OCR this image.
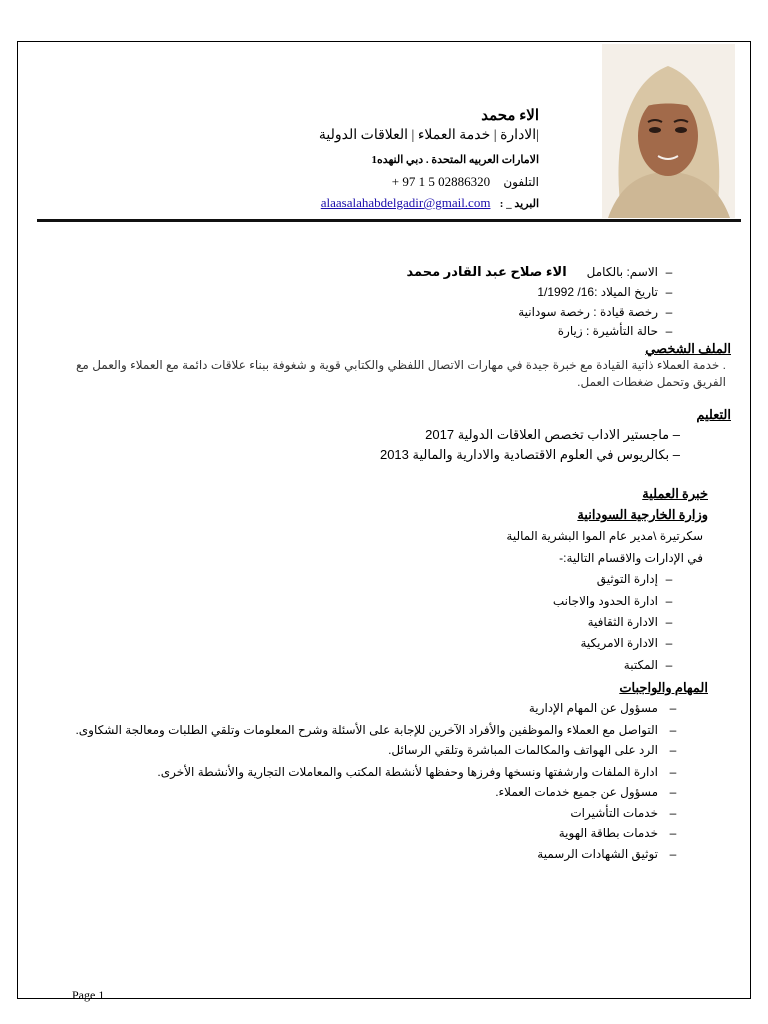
الاء محمد
|الادارة | خدمة العملاء | العلاقات الدولية
الامارات العربيه المتحدة . دبي النهده1
التلفون + 97 1 5 02886320
البريد _ : alaasalahabdelgadir@gmail.com
–
الاسم: بالكامل
الاء صلاح عبد القادر محمد
–
تاريخ الميلاد :16/ 1/1992
–
رخصة قيادة : رخصة سودانية
–
حالة التأشيرة : زيارة
الملف الشخصي
. خدمة العملاء ذاتية القيادة مع خبرة جيدة في مهارات الاتصال اللفظي والكتابي قوية و شغوفة ببناء علاقات دائمة مع العملاء والعمل مع الفريق وتحمل ضغطات العمل.
التعليم
– ماجستير الاداب تخصص العلاقات الدولية 2017
– بكالريوس في العلوم الاقتصادية والادارية والمالية 2013
خبرة العملية
وزارة الخارجية السودانية
سكرتيرة \مدير عام الموا البشرية المالية
في الإدارات والاقسام التالية:-
–
إدارة التوثيق
–
ادارة الحدود والاجانب
–
الادارة الثقافية
–
الادارة الامريكية
–
المكتبة
المهام والواجبات
–
مسؤول عن المهام الإدارية
–
التواصل مع العملاء والموظفين والأفراد الآخرين للإجابة على الأسئلة وشرح المعلومات وتلقي الطلبات ومعالجة الشكاوى.
–
الرد على الهواتف والمكالمات المباشرة وتلقي الرسائل.
–
ادارة الملفات وارشفتها ونسخها وفرزها وحفظها لأنشطة المكتب والمعاملات التجارية والأنشطة الأخرى.
–
مسؤول عن جميع خدمات العملاء.
–
خدمات التأشيرات
–
خدمات بطاقة الهوية
–
توثيق الشهادات الرسمية
Page 1
